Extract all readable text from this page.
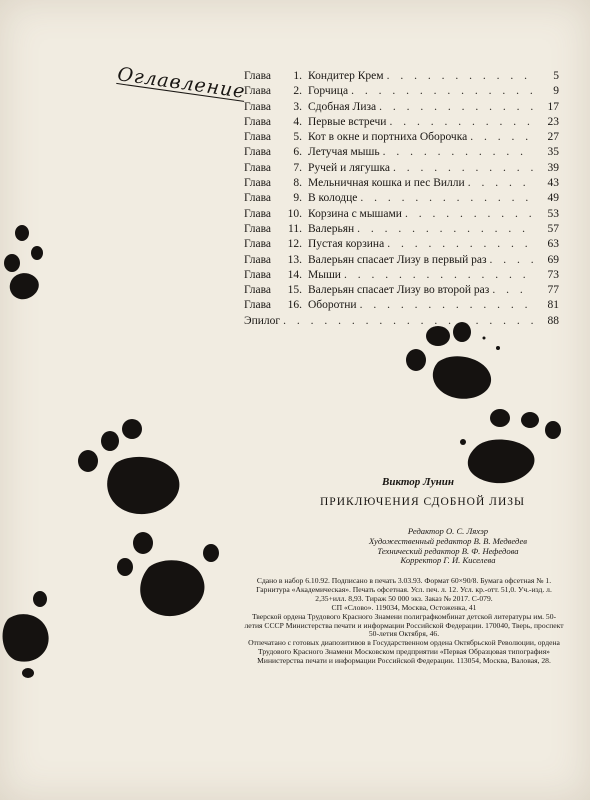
Оглавление
Глава	1. Кондитер Крем . . .	5
Глава	2. Горчица . . .	9
Глава	3. Сдобная Лиза . . .	17
Глава	4. Первые встречи . . .	23
Глава	5. Кот в окне и портниха Оборочка . . .	27
Глава	6. Летучая мышь . . .	35
Глава	7. Ручей и лягушка . . .	39
Глава	8. Мельничная кошка и пес Вилли . . .	43
Глава	9. В колодце . . .	49
Глава	10. Корзина с мышами . . .	53
Глава	11. Валерьян . . .	57
Глава	12. Пустая корзина . . .	63
Глава	13. Валерьян спасает Лизу в первый раз . . .	69
Глава	14. Мыши . . .	73
Глава	15. Валерьян спасает Лизу во второй раз . . .	77
Глава	16. Оборотни . . .	81
Эпилог . . .	88
Виктор Лунин
ПРИКЛЮЧЕНИЯ СДОБНОЙ ЛИЗЫ
Редактор О. С. Ляхэр
Художественный редактор В. В. Медведев
Технический редактор В. Ф. Нефедова
Корректор Г. И. Киселева
Сдано в набор 6.10.92. Подписано в печать 3.03.93. Формат 60×90/8. Бумага офсетная № 1. Гарнитура «Академическая». Печать офсетная. Усл. печ. л. 12. Усл. кр.-отт. 51,0. Уч.-изд. л. 2,35+илл. 8,93. Тираж 50 000 экз. Заказ № 2017. С-079.
СП «Слово». 119034, Москва, Остоженка, 41
Тверской ордена Трудового Красного Знамени полиграфкомбинат детской литературы им. 50-летия СССР Министерства печати и информации Российской Федерации. 170040, Тверь, проспект 50-летия Октября, 46.
Отпечатано с готовых диапозитивов в Государственном ордена Октябрьской Революции, ордена Трудового Красного Знамени Московском предприятии «Первая Образцовая типография» Министерства печати и информации Российской Федерации. 113054, Москва, Валовая, 28.
